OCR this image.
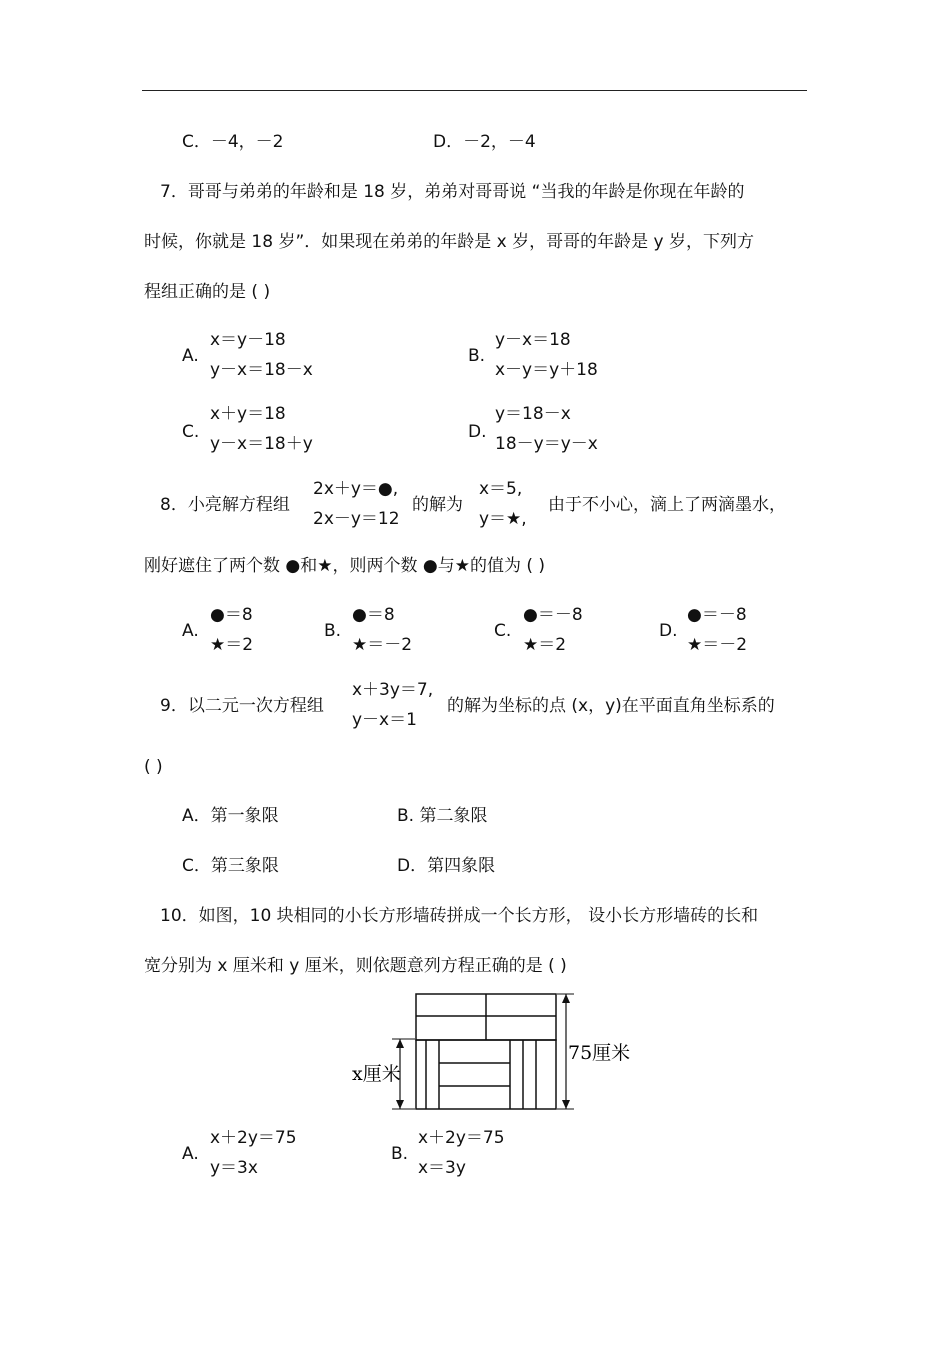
C．－4，－2	D．－2，－4
7．哥哥与弟弟的年龄和是 18 岁，弟弟对哥哥说 “当我的年龄是你现在年龄的
时候，你就是 18 岁”．如果现在弟弟的年龄是 x 岁，哥哥的年龄是 y 岁，下列方
程组正确的是 ( )
A.
x＝y－18
y－x＝18－x
B.
y－x＝18
x－y＝y＋18
C.
x＋y＝18
y－x＝18＋y
D.
y＝18－x
18－y＝y－x
8．小亮解方程组
2x＋y＝●,
2x－y＝12
的解为
x＝5,
y＝★,
由于不小心，滴上了两滴墨水，
刚好遮住了两个数 ●和★，则两个数 ●与★的值为 ( )
A.
●＝8
★＝2
B.
●＝8
★＝－2
C.
●＝－8
★＝2
D.
●＝－8
★＝－2
9．以二元一次方程组
x＋3y＝7,
y－x＝1
的解为坐标的点 (x，y)在平面直角坐标系的
( )
A．第一象限	B. 第二象限
C．第三象限	D．第四象限
10．如图，10 块相同的小长方形墙砖拼成一个长方形， 设小长方形墙砖的长和
宽分别为 x 厘米和 y 厘米，则依题意列方程正确的是 ( )
x厘米
75厘米
A.
x＋2y＝75
y＝3x
B.
x＋2y＝75
x＝3y
